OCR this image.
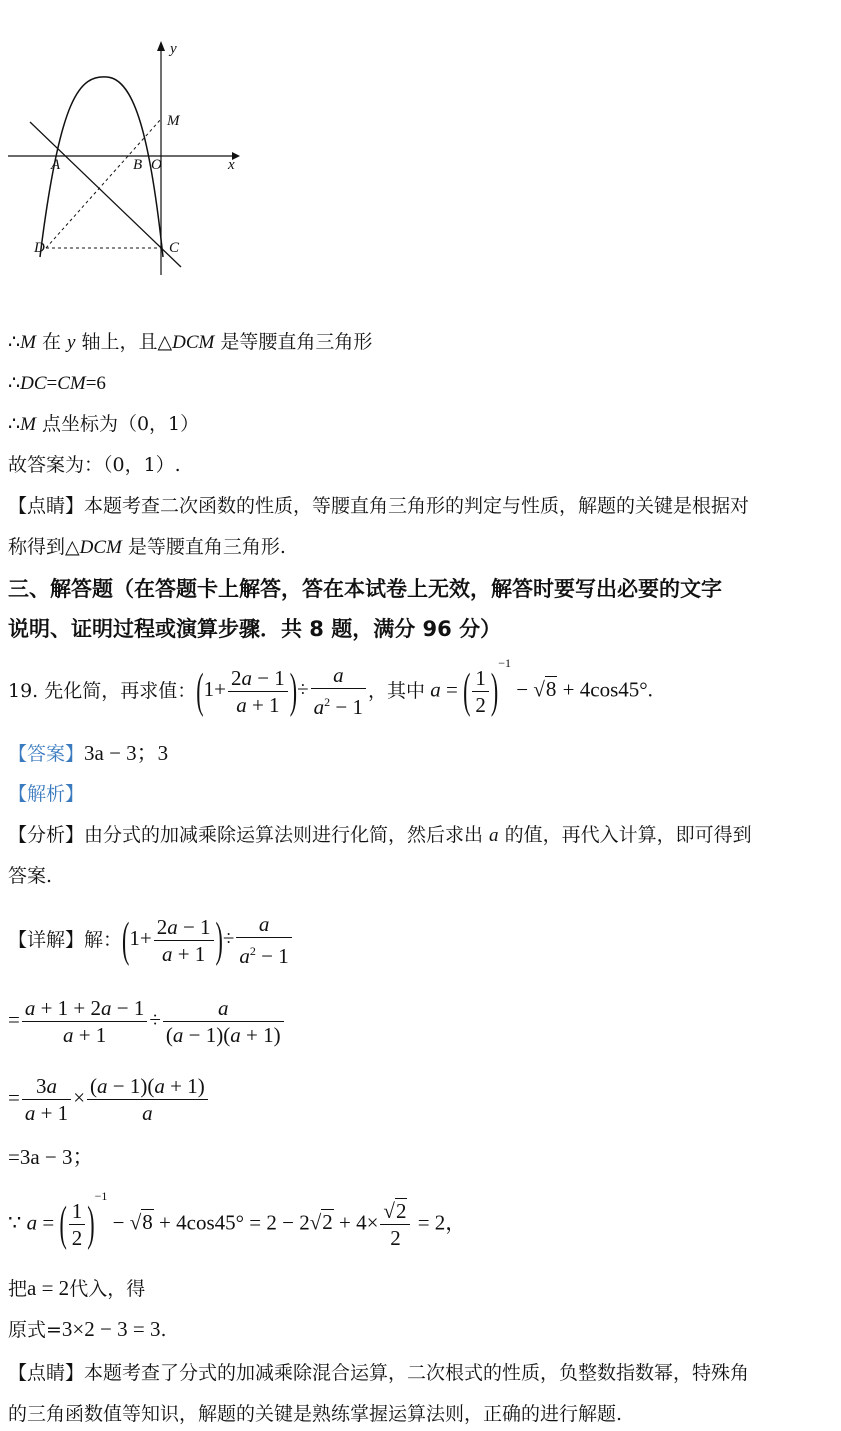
y
M
A	B O	x
D	C
∴M 在 y 轴上，且△DCM 是等腰直角三角形
∴DC=CM=6
∴M 点坐标为（0，1）
故答案为：（0，1）.
【点睛】本题考查二次函数的性质，等腰直角三角形的判定与性质，解题的关键是根据对
称得到△DCM 是等腰直角三角形.
三、解答题（在答题卡上解答，答在本试卷上无效，解答时要写出必要的文字
说明、证明过程或演算步骤．共 8 题，满分 96 分）
19. 先化简，再求值： ($1+ \frac{2a - 1}{a + 1}$ )÷ $\frac{a}{a^2 - 1}$ ，其中 a = ( $\frac{1}{2} )^{-1} - √8 + 4\cos 45^\circ$.
【答案】3a − 3；3
【解析】
【分析】由分式的加减乘除运算法则进行化简，然后求出 a 的值，再代入计算，即可得到
答案.
【详解】解： ($1+ \frac{2a - 1}{a + 1}$ )÷ $\frac{a}{a^2 - 1}$
= $\frac{a + 1 + 2a - 1}{a + 1} \div \frac{a}{(a - 1)(a + 1)}$
= $\frac{3a}{a + 1} \times \frac{(a - 1)(a + 1)}{a}$
=3a − 3；
∵ a = ( $\frac{1}{2} )^{-1} - √8 + 4\cos 45^\circ = 2 - 2√2 + 4\times \frac{√2}{2} = 2$，
把a = 2代入，得
原式=3×2 − 3 = 3.
【点睛】本题考查了分式的加减乘除混合运算，二次根式的性质，负整数指数幂，特殊角
的三角函数值等知识，解题的关键是熟练掌握运算法则，正确的进行解题.
